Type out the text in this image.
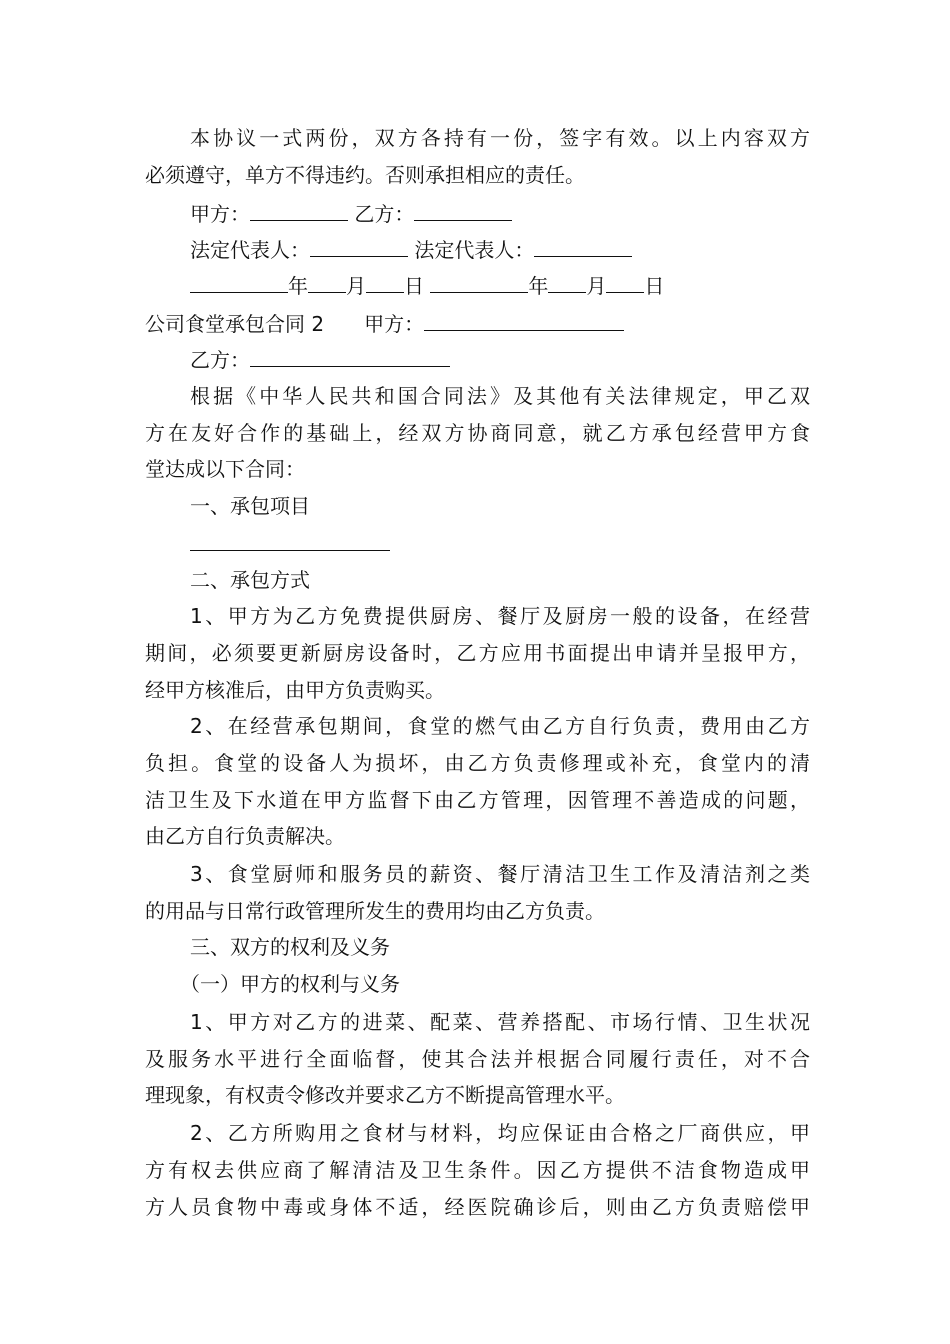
本协议一式两份，双方各持有一份，签字有效。以上内容双方
必须遵守，单方不得违约。否则承担相应的责任。
甲方：	乙方：
法定代表人：	法定代表人：
年 月 日	年 月 日
公司食堂承包合同 2 甲方：
乙方：
根据《中华人民共和国合同法》及其他有关法律规定，甲乙双
方在友好合作的基础上，经双方协商同意，就乙方承包经营甲方食
堂达成以下合同：
一、承包项目
二、承包方式
1、甲方为乙方免费提供厨房、餐厅及厨房一般的设备，在经营
期间，必须要更新厨房设备时，乙方应用书面提出申请并呈报甲方，
经甲方核准后，由甲方负责购买。
2、在经营承包期间，食堂的燃气由乙方自行负责，费用由乙方
负担。食堂的设备人为损坏，由乙方负责修理或补充，食堂内的清
洁卫生及下水道在甲方监督下由乙方管理，因管理不善造成的问题，
由乙方自行负责解决。
3、食堂厨师和服务员的薪资、餐厅清洁卫生工作及清洁剂之类
的用品与日常行政管理所发生的费用均由乙方负责。
三、双方的权利及义务
（一）甲方的权利与义务
1、甲方对乙方的进菜、配菜、营养搭配、市场行情、卫生状况
及服务水平进行全面临督，使其合法并根据合同履行责任，对不合
理现象，有权责令修改并要求乙方不断提高管理水平。
2、乙方所购用之食材与材料，均应保证由合格之厂商供应，甲
方有权去供应商了解清洁及卫生条件。因乙方提供不洁食物造成甲
方人员食物中毒或身体不适，经医院确诊后，则由乙方负责赔偿甲
